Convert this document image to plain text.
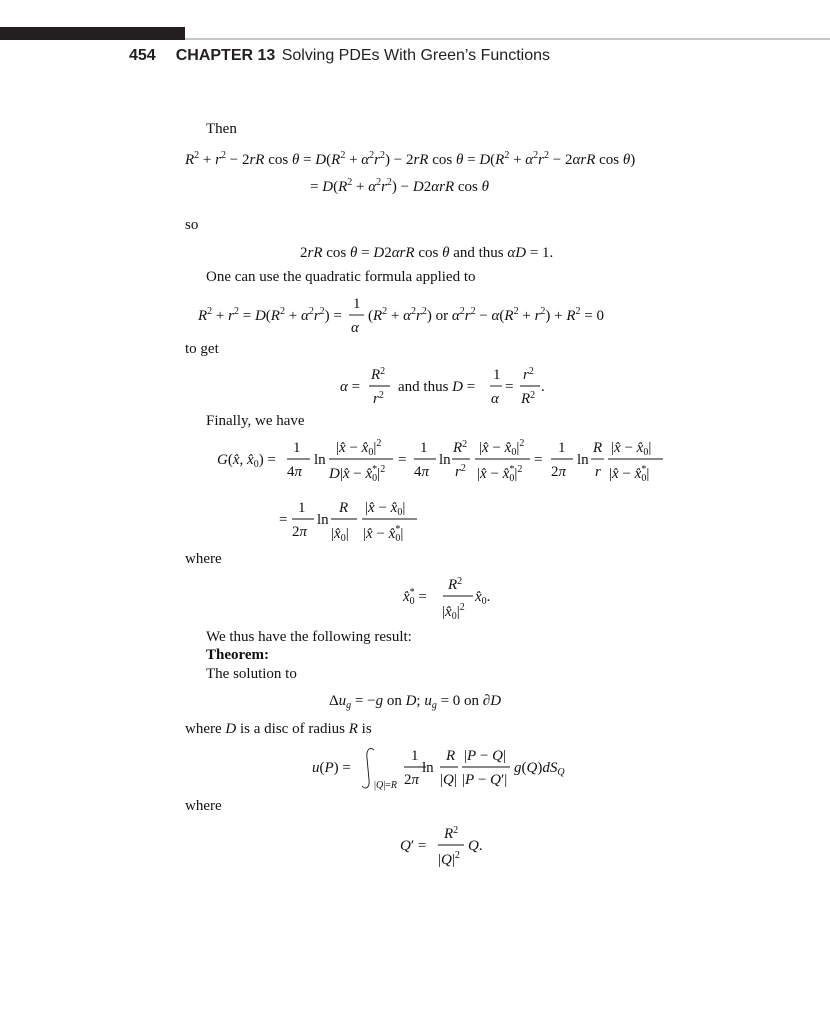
454 CHAPTER 13 Solving PDEs With Green’s Functions
Then
$R^2 + r^2 - 2rR$ $\cos \theta = D(R^2 + \alpha^2r^2) - 2rR$ $\cos \theta = D(R^2 + \alpha^2r^2 - 2\alpha rR$ cos θ)
= $D(R^2 + \alpha^2r^2) - D2\alpha rR$ cos θ
so
2rR cos θ = D2αrR cos θ and thus αD = 1.
One can use the quadratic formula applied to
$R^2 + r^2 = D(R^2 + \alpha^2r^2)$ =
1
α
$(R^2 + \alpha^2r^2)$ or $\alpha^2r^2 - \alpha(R^2 + r^2) + R^2 = 0$
to get
α =
$R^2$
$r^2$
and thus D =
1
α
=
$r^2$
$R^2$
.
Finally, we have
G(x̂, $x̂_0$) =
1
4π
ln
|x̂ − $x̂_0|^2$
D|x̂ − x̂* $0|^2$
=
1
4π
ln
$R^2$
$r^2$
|x̂ − $x̂_0|^2$
|x̂ − x̂* $0|^2$
=
1
2π
ln
R
r
|x̂ − $x̂_0|$
|x̂ − x̂* 0|
=
1
2π
ln
R
$|x̂_0|$
|x̂ − $x̂_0|$
|x̂ − x̂* 0|
where
x̂* 0 =
$R^2$
$|x̂_0|^2$
$x̂_0$.
We thus have the following result:
Theorem:
The solution to
$\Delta u_g = -g$ on D; $u_g = 0$ on ∂D
where D is a disc of radius R is
u(P) =
|Q|=R
1
2π
ln
R
|Q|
|P − Q|
|P − Q′|
$g(Q)dS_Q$
where
Q′ =
$R^2$
$|Q|^2$
Q.
